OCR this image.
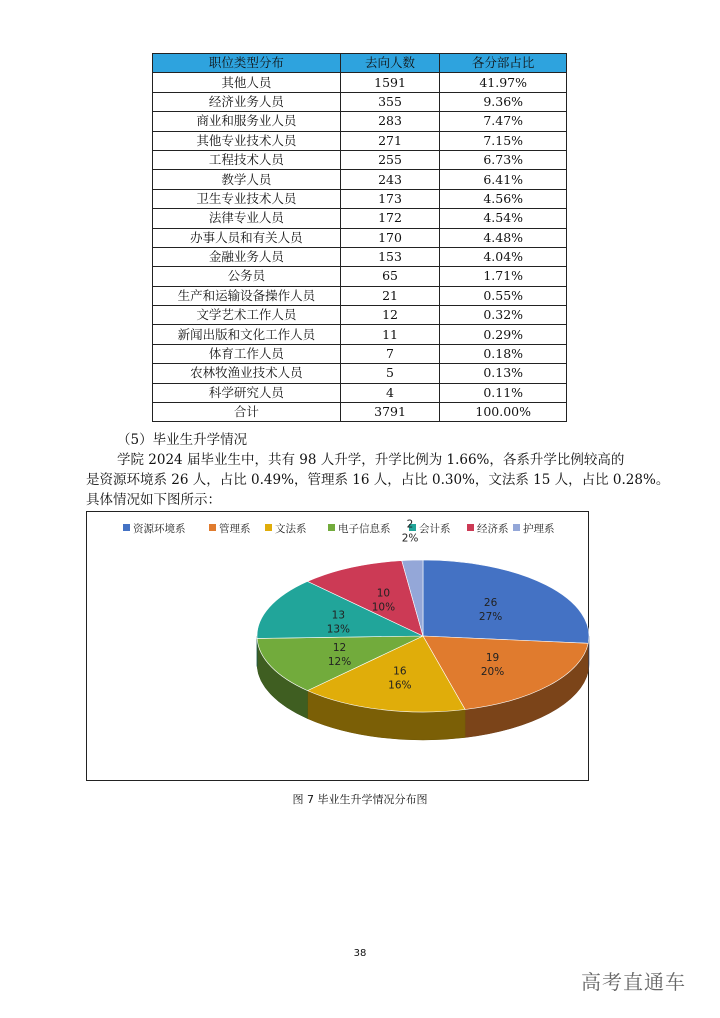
职位类型分布	去向人数	各分部占比
其他人员	1591	41.97%
经济业务人员	355	9.36%
商业和服务业人员	283	7.47%
其他专业技术人员	271	7.15%
工程技术人员	255	6.73%
教学人员	243	6.41%
卫生专业技术人员	173	4.56%
法律专业人员	172	4.54%
办事人员和有关人员	170	4.48%
金融业务人员	153	4.04%
公务员	65	1.71%
生产和运输设备操作人员	21	0.55%
文学艺术工作人员	12	0.32%
新闻出版和文化工作人员	11	0.29%
体育工作人员	7	0.18%
农林牧渔业技术人员	5	0.13%
科学研究人员	4	0.11%
合计	3791	100.00%
（5）毕业生升学情况
学院 2024 届毕业生中，共有 98 人升学，升学比例为 1.66%，各系升学比例较高的
是资源环境系 26 人，占比 0.49%，管理系 16 人，占比 0.30%，文法系 15 人，占比 0.28%。
具体情况如下图所示：
资源环境系	管理系 文法系	电子信息系	会计系	经济系 护理系
26
27%
19
20%
16
16%
12
12%
13
13%
10
10%
2
2%
图 7 毕业生升学情况分布图
38
高考直通车
